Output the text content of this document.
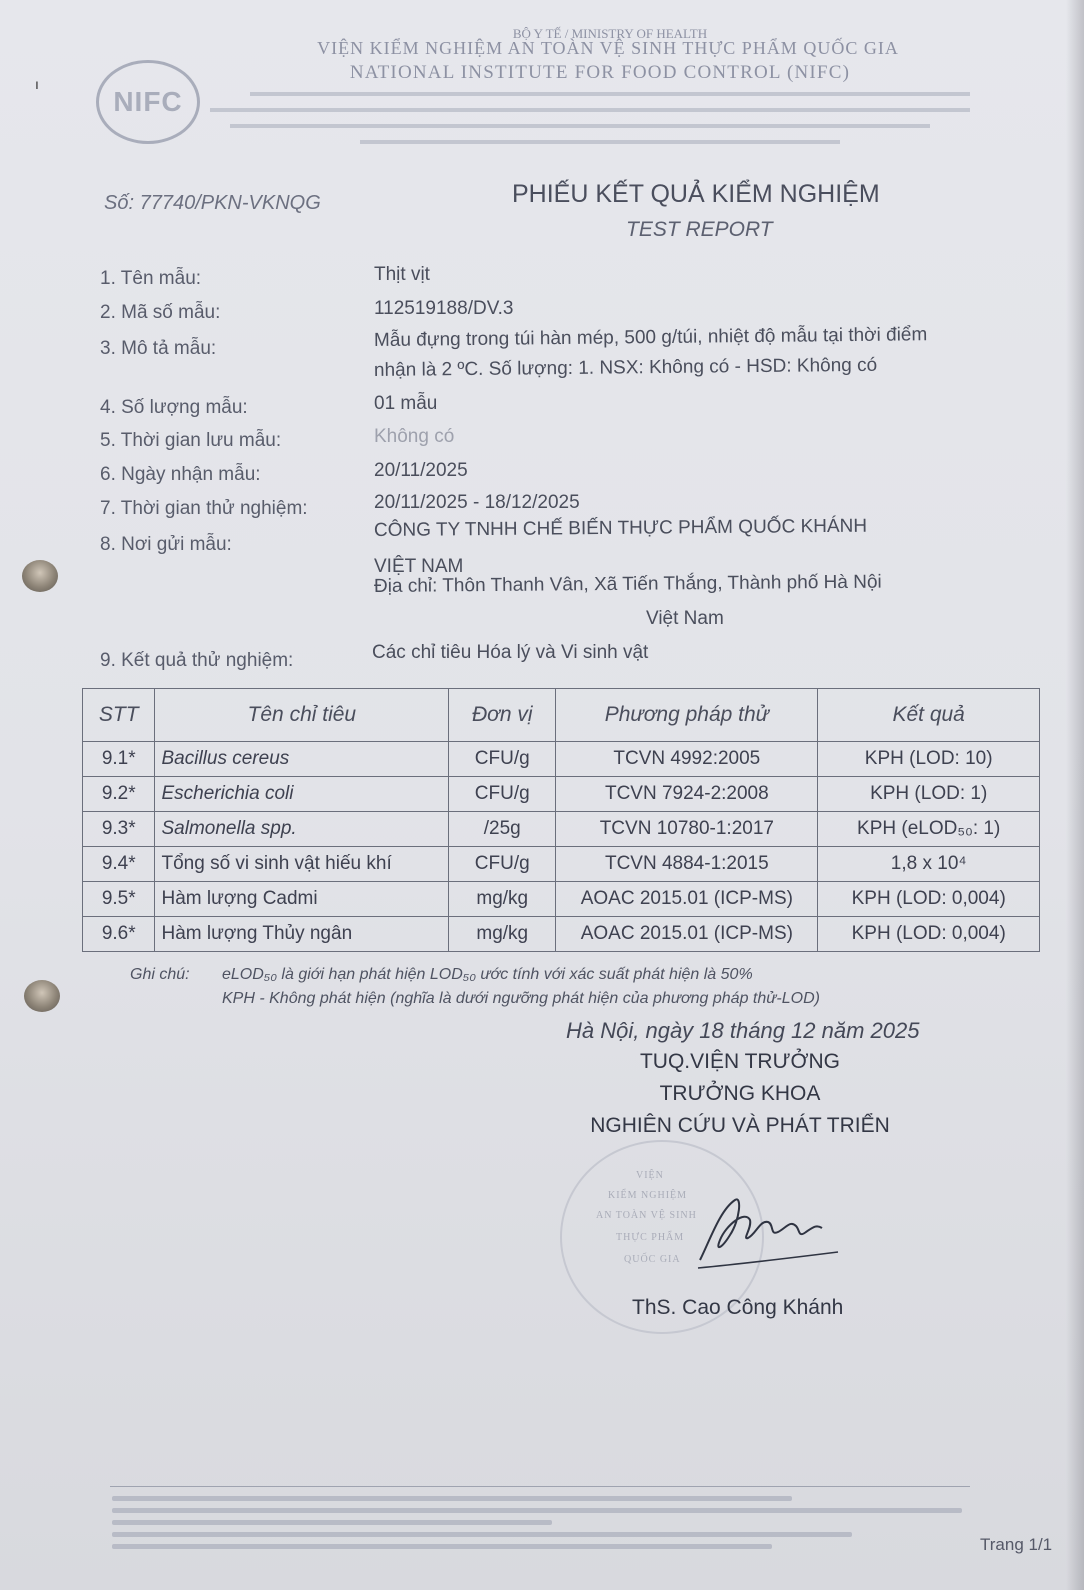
ı
NIFC
BỘ Y TẾ / MINISTRY OF HEALTH
VIỆN KIỂM NGHIỆM AN TOÀN VỆ SINH THỰC PHẨM QUỐC GIA
NATIONAL INSTITUTE FOR FOOD CONTROL (NIFC)
Số: 77740/PKN-VKNQG	PHIẾU KẾT QUẢ KIỂM NGHIỆM
TEST REPORT
1. Tên mẫu:	Thịt vịt
2. Mã số mẫu:	112519188/DV.3
3. Mô tả mẫu:	Mẫu đựng trong túi hàn mép, 500 g/túi, nhiệt độ mẫu tại thời điểm
nhận là 2 ºC. Số lượng: 1. NSX: Không có - HSD: Không có
4. Số lượng mẫu:	01 mẫu
5. Thời gian lưu mẫu:	Không có
6. Ngày nhận mẫu:	20/11/2025
7. Thời gian thử nghiệm:	20/11/2025 - 18/12/2025
8. Nơi gửi mẫu:
CÔNG TY TNHH CHẾ BIẾN THỰC PHẨM QUỐC KHÁNH
VIỆT NAM
Địa chỉ: Thôn Thanh Vân, Xã Tiến Thắng, Thành phố Hà Nội
Việt Nam
9. Kết quả thử nghiệm:	Các chỉ tiêu Hóa lý và Vi sinh vật
STT	Tên chỉ tiêu	Đơn vị	Phương pháp thử	Kết quả
9.1*	Bacillus cereus	CFU/g	TCVN 4992:2005	KPH (LOD: 10)
9.2*	Escherichia coli	CFU/g	TCVN 7924-2:2008	KPH (LOD: 1)
9.3*	Salmonella spp.	/25g	TCVN 10780-1:2017	KPH (eLOD₅₀: 1)
9.4*	Tổng số vi sinh vật hiếu khí	CFU/g	TCVN 4884-1:2015	1,8 x 10⁴
9.5*	Hàm lượng Cadmi	mg/kg	AOAC 2015.01 (ICP-MS)	KPH (LOD: 0,004)
9.6*	Hàm lượng Thủy ngân	mg/kg	AOAC 2015.01 (ICP-MS)	KPH (LOD: 0,004)
Ghi chú: eLOD₅₀ là giới hạn phát hiện LOD₅₀ ước tính với xác suất phát hiện là 50%
KPH - Không phát hiện (nghĩa là dưới ngưỡng phát hiện của phương pháp thử-LOD)
Hà Nội, ngày 18 tháng 12 năm 2025
TUQ.VIỆN TRƯỞNG
TRƯỞNG KHOA
NGHIÊN CỨU VÀ PHÁT TRIỂN
VIỆN
KIỂM NGHIỆM
AN TOÀN VỆ SINH
THỰC PHẨM
QUỐC GIA
ThS. Cao Công Khánh
Trang 1/1
